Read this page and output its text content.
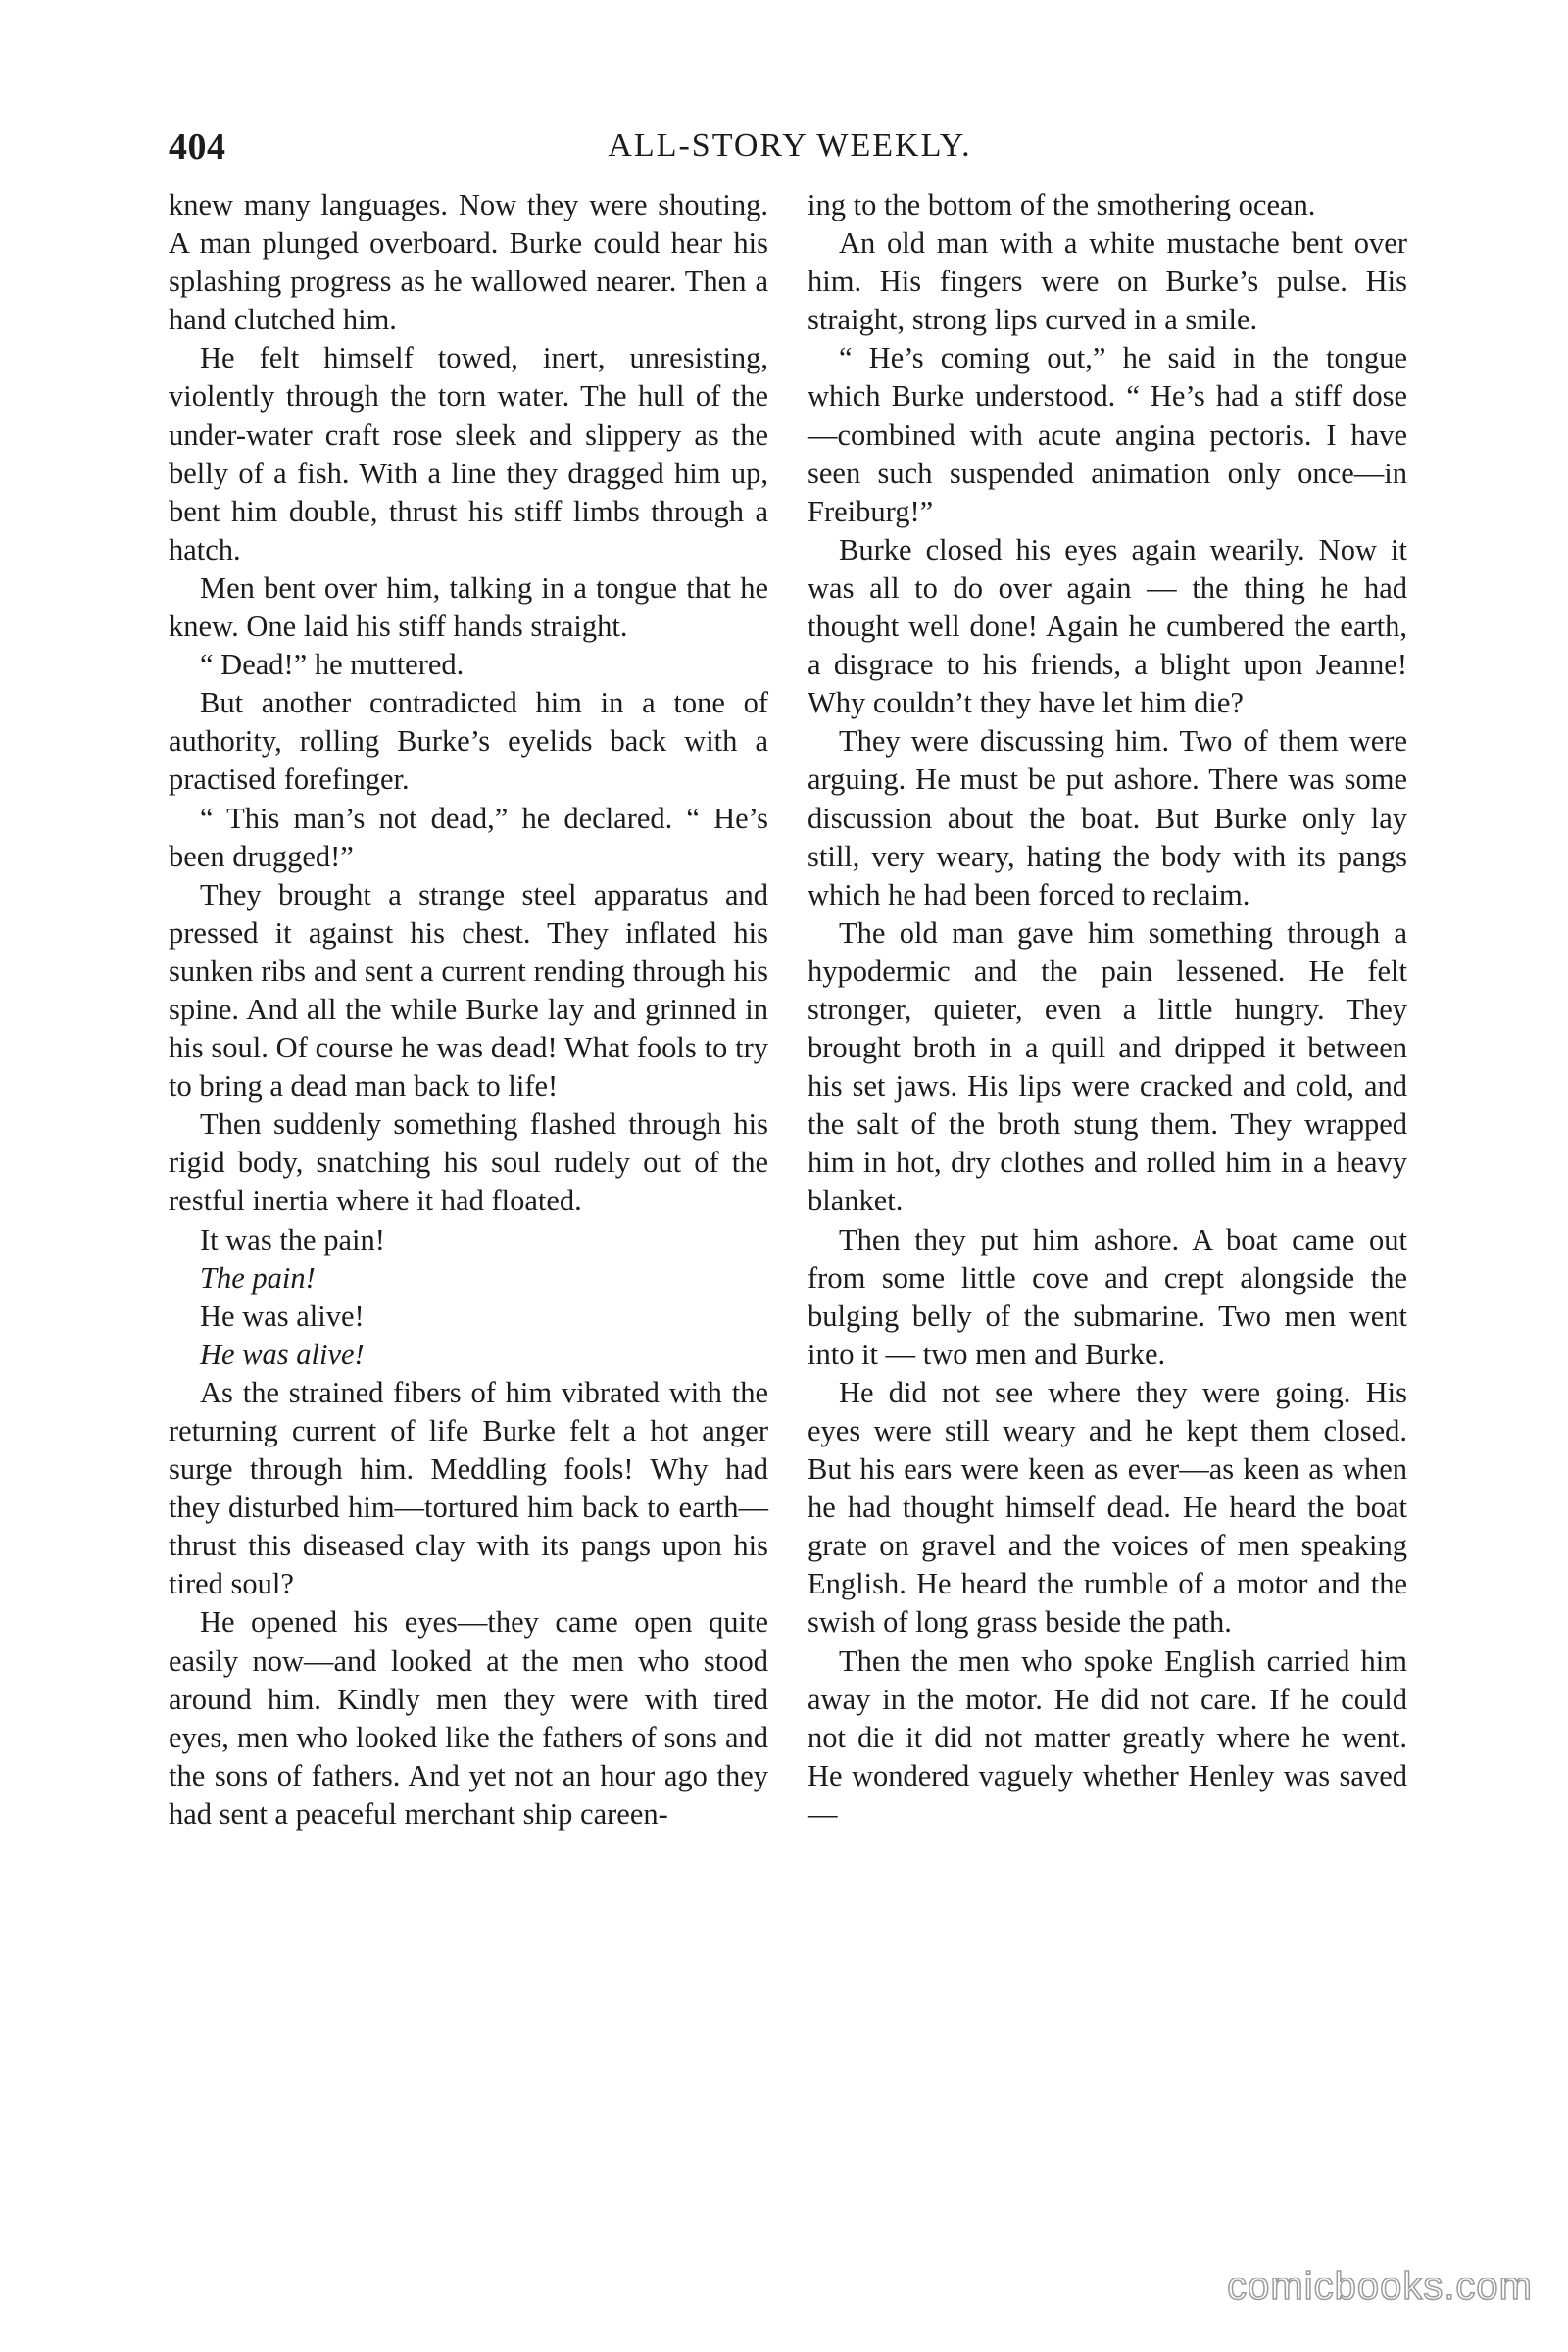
404	ALL-STORY WEEKLY.

knew many languages. Now they were shouting. A man plunged overboard. Burke could hear his splashing progress as he wallowed nearer. Then a hand clutched him.

He felt himself towed, inert, unresisting, violently through the torn water. The hull of the under-water craft rose sleek and slippery as the belly of a fish. With a line they dragged him up, bent him double, thrust his stiff limbs through a hatch.

Men bent over him, talking in a tongue that he knew. One laid his stiff hands straight.

“ Dead!” he muttered.

But another contradicted him in a tone of authority, rolling Burke’s eyelids back with a practised forefinger.

“ This man’s not dead,” he declared. “ He’s been drugged!”

They brought a strange steel apparatus and pressed it against his chest. They inflated his sunken ribs and sent a current rending through his spine. And all the while Burke lay and grinned in his soul. Of course he was dead! What fools to try to bring a dead man back to life!

Then suddenly something flashed through his rigid body, snatching his soul rudely out of the restful inertia where it had floated.

It was the pain!

The pain!

He was alive!

He was alive!

As the strained fibers of him vibrated with the returning current of life Burke felt a hot anger surge through him. Meddling fools! Why had they disturbed him—tortured him back to earth—thrust this diseased clay with its pangs upon his tired soul?

He opened his eyes—they came open quite easily now—and looked at the men who stood around him. Kindly men they were with tired eyes, men who looked like the fathers of sons and the sons of fathers. And yet not an hour ago they had sent a peaceful merchant ship careen-

ing to the bottom of the smothering ocean.

An old man with a white mustache bent over him. His fingers were on Burke’s pulse. His straight, strong lips curved in a smile.

“ He’s coming out,” he said in the tongue which Burke understood. “ He’s had a stiff dose—combined with acute angina pectoris. I have seen such suspended animation only once—in Freiburg!”

Burke closed his eyes again wearily. Now it was all to do over again — the thing he had thought well done! Again he cumbered the earth, a disgrace to his friends, a blight upon Jeanne! Why couldn’t they have let him die?

They were discussing him. Two of them were arguing. He must be put ashore. There was some discussion about the boat. But Burke only lay still, very weary, hating the body with its pangs which he had been forced to reclaim.

The old man gave him something through a hypodermic and the pain lessened. He felt stronger, quieter, even a little hungry. They brought broth in a quill and dripped it between his set jaws. His lips were cracked and cold, and the salt of the broth stung them. They wrapped him in hot, dry clothes and rolled him in a heavy blanket.

Then they put him ashore. A boat came out from some little cove and crept alongside the bulging belly of the submarine. Two men went into it — two men and Burke.

He did not see where they were going. His eyes were still weary and he kept them closed. But his ears were keen as ever—as keen as when he had thought himself dead. He heard the boat grate on gravel and the voices of men speaking English. He heard the rumble of a motor and the swish of long grass beside the path.

Then the men who spoke English carried him away in the motor. He did not care. If he could not die it did not matter greatly where he went. He wondered vaguely whether Henley was saved—

comicbooks.com
